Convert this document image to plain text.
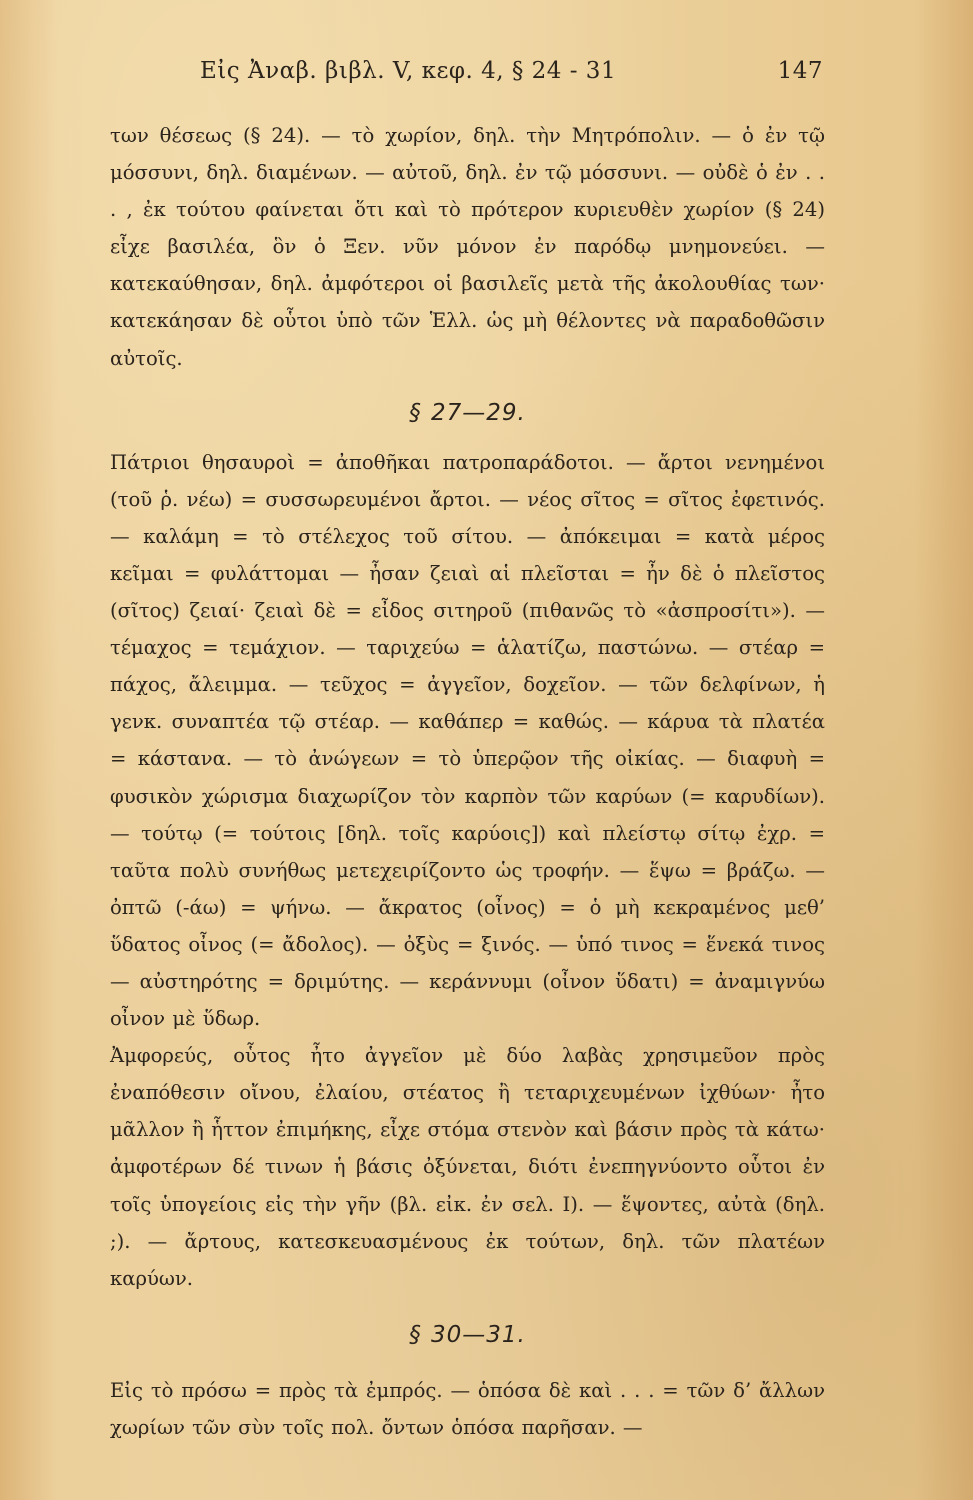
Εἰς Ἀναβ. βιβλ. V, κεφ. 4, § 24 - 31	147

των θέσεως (§ 24). — τὸ χωρίον, δηλ. τὴν Μητρόπολιν. — ὁ ἐν τῷ μόσσυνι, δηλ. διαμένων. — αὐτοῦ, δηλ. ἐν τῷ μόσσυνι. — οὐδὲ ὁ ἐν . . . , ἐκ τούτου φαίνεται ὅτι καὶ τὸ πρότερον κυριευθὲν χωρίον (§ 24) εἶχε βασιλέα, ὃν ὁ Ξεν. νῦν μόνον ἐν παρόδῳ μνημονεύει. — κατεκαύθησαν, δηλ. ἀμφότεροι οἱ βασιλεῖς μετὰ τῆς ἀκολουθίας των· κατεκάησαν δὲ οὗτοι ὑπὸ τῶν Ἑλλ. ὡς μὴ θέλοντες νὰ παραδοθῶσιν αὐτοῖς.

§ 27—29.

Πάτριοι θησαυροὶ = ἀποθῆκαι πατροπαράδοτοι. — ἄρτοι νενημένοι (τοῦ ῥ. νέω) = συσσωρευμένοι ἄρτοι. — νέος σῖτος = σῖτος ἐφετινός. — καλάμη = τὸ στέλεχος τοῦ σίτου. — ἀπόκειμαι = κατὰ μέρος κεῖμαι = φυλάττομαι — ἦσαν ζειαὶ αἱ πλεῖσται = ἦν δὲ ὁ πλεῖστος (σῖτος) ζειαί· ζειαὶ δὲ = εἶδος σιτηροῦ (πιθανῶς τὸ «ἀσπροσίτι»). — τέμαχος = τεμάχιον. — ταριχεύω = ἁλατίζω, παστώνω. — στέαρ = πάχος, ἄλειμμα. — τεῦχος = ἀγγεῖον, δοχεῖον. — τῶν δελφίνων, ἡ γενκ. συναπτέα τῷ στέαρ. — καθάπερ = καθώς. — κάρυα τὰ πλατέα = κάστανα. — τὸ ἀνώγεων = τὸ ὑπερῷον τῆς οἰκίας. — διαφυὴ = φυσικὸν χώρισμα διαχωρίζον τὸν καρπὸν τῶν καρύων (= καρυδίων). — τούτῳ (= τούτοις [δηλ. τοῖς καρύοις]) καὶ πλείστῳ σίτῳ ἐχρ. = ταῦτα πολὺ συνήθως μετεχειρίζοντο ὡς τροφήν. — ἕψω = βράζω. — ὀπτῶ (-άω) = ψήνω. — ἄκρατος (οἶνος) = ὁ μὴ κεκραμένος μεθ’ ὕδατος οἶνος (= ἄδολος). — ὀξὺς = ξινός. — ὑπό τινος = ἕνεκά τινος — αὐστηρότης = δριμύτης. — κεράννυμι (οἶνον ὕδατι) = ἀναμιγνύω οἶνον μὲ ὕδωρ.

Ἀμφορεύς, οὗτος ἦτο ἀγγεῖον μὲ δύο λαβὰς χρησιμεῦον πρὸς ἐναπόθεσιν οἴνου, ἐλαίου, στέατος ἢ τεταριχευμένων ἰχθύων· ἦτο μᾶλλον ἢ ἧττον ἐπιμήκης, εἶχε στόμα στενὸν καὶ βάσιν πρὸς τὰ κάτω· ἀμφοτέρων δέ τινων ἡ βάσις ὀξύνεται, διότι ἐνεπηγνύοντο οὗτοι ἐν τοῖς ὑπογείοις εἰς τὴν γῆν (βλ. εἰκ. ἐν σελ. Ι). — ἕψοντες, αὐτὰ (δηλ. ;). — ἄρτους, κατεσκευασμένους ἐκ τούτων, δηλ. τῶν πλατέων καρύων.

§ 30—31.

Εἰς τὸ πρόσω = πρὸς τὰ ἐμπρός. — ὁπόσα δὲ καὶ . . . = τῶν δ’ ἄλλων χωρίων τῶν σὺν τοῖς πολ. ὄντων ὁπόσα παρῆσαν. —
